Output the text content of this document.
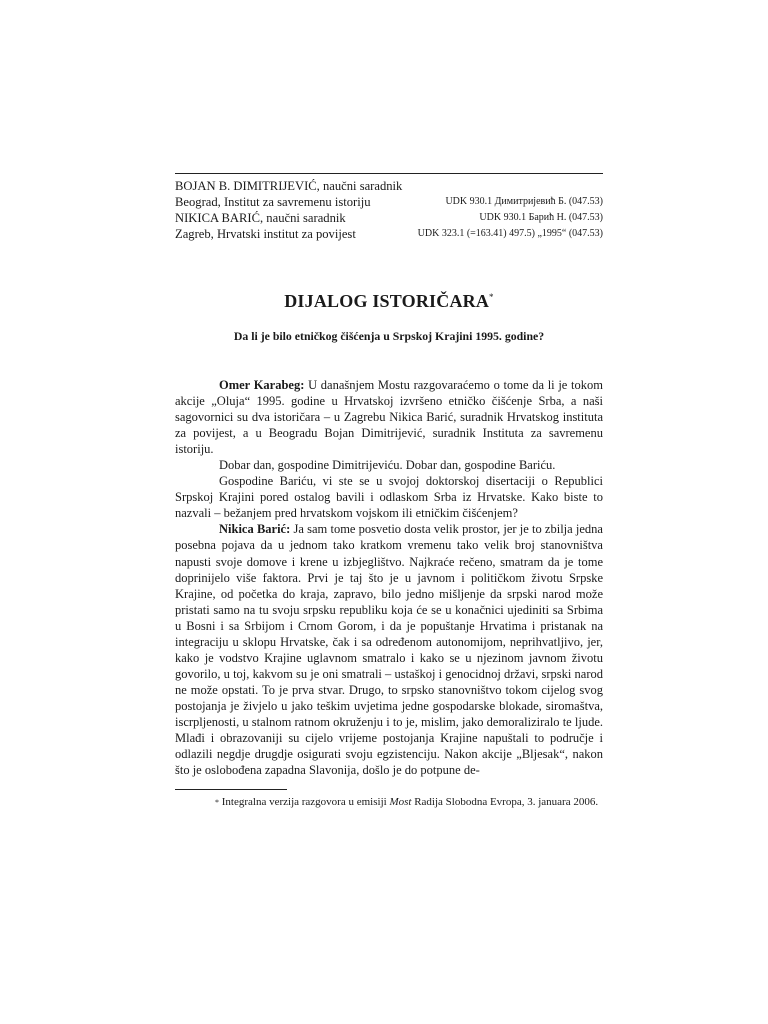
BOJAN B. DIMITRIJEVIĆ, naučni saradnik
Beograd, Institut za savremenu istoriju	UDK 930.1 Димитријевић Б. (047.53)
NIKICA BARIĆ, naučni saradnik	UDK 930.1 Барић Н. (047.53)
Zagreb, Hrvatski institut za povijest	UDK 323.1 (=163.41) 497.5) „1995“ (047.53)
DIJALOG ISTORIČARA*
Da li je bilo etničkog čišćenja u Srpskoj Krajini 1995. godine?

Omer Karabeg: U današnjem Mostu razgovaraćemo o tome da li je tokom akcije „Oluja“ 1995. godine u Hrvatskoj izvršeno etničko čišćenje Srba, a naši sagovornici su dva istoričara – u Zagrebu Nikica Barić, suradnik Hrvatskog instituta za povijest, a u Beogradu Bojan Dimitrijević, suradnik Instituta za savremenu istoriju.

Dobar dan, gospodine Dimitrijeviću. Dobar dan, gospodine Bariću.

Gospodine Bariću, vi ste se u svojoj doktorskoj disertaciji o Republici Srpskoj Krajini pored ostalog bavili i odlaskom Srba iz Hrvatske. Kako biste to nazvali – bežanjem pred hrvatskom vojskom ili etničkim čišćenjem?

Nikica Barić: Ja sam tome posvetio dosta velik prostor, jer je to zbilja jedna posebna pojava da u jednom tako kratkom vremenu tako velik broj stanovništva napusti svoje domove i krene u izbjeglištvo. Najkraće rečeno, smatram da je tome doprinijelo više faktora. Prvi je taj što je u javnom i političkom životu Srpske Krajine, od početka do kraja, zapravo, bilo jedno mišljenje da srpski narod može pristati samo na tu svoju srpsku republiku koja će se u konačnici ujediniti sa Srbima u Bosni i sa Srbijom i Crnom Gorom, i da je popuštanje Hrvatima i pristanak na integraciju u sklopu Hrvatske, čak i sa određenom autonomijom, neprihvatljivo, jer, kako je vodstvo Krajine uglavnom smatralo i kako se u njezinom javnom životu govorilo, u toj, kakvom su je oni smatrali – ustaškoj i genocidnoj državi, srpski narod ne može opstati. To je prva stvar. Drugo, to srpsko stanovništvo tokom cijelog svog postojanja je živjelo u jako teškim uvjetima jedne gospodarske blokade, siromaštva, iscrpljenosti, u stalnom ratnom okruženju i to je, mislim, jako demoraliziralo te ljude. Mlađi i obrazovaniji su cijelo vrijeme postojanja Krajine napuštali to područje i odlazili negdje drugdje osigurati svoju egzistenciju. Nakon akcije „Bljesak“, nakon što je oslobođena zapadna Slavonija, došlo je do potpune de-

* Integralna verzija razgovora u emisiji Most Radija Slobodna Evropa, 3. januara 2006.
